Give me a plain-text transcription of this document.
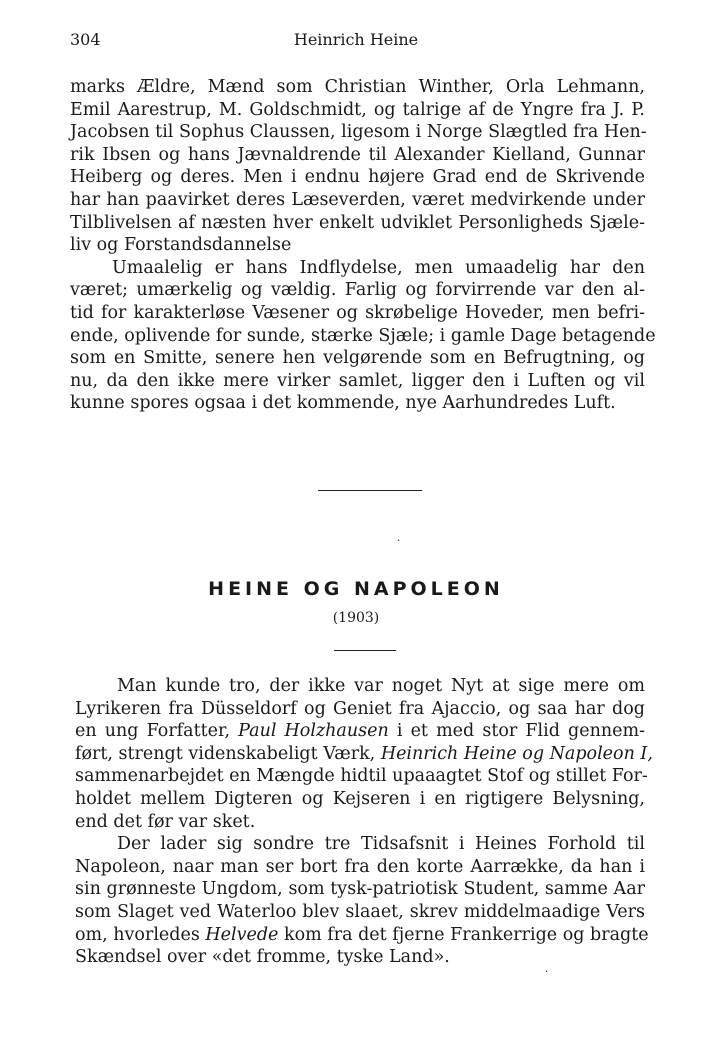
304	Heinrich Heine
marks Ældre, Mænd som Christian Winther, Orla Lehmann,
Emil Aarestrup, M. Goldschmidt, og talrige af de Yngre fra J. P.
Jacobsen til Sophus Claussen, ligesom i Norge Slægtled fra Hen-
rik Ibsen og hans Jævnaldrende til Alexander Kielland, Gunnar
Heiberg og deres. Men i endnu højere Grad end de Skrivende
har han paavirket deres Læseverden, været medvirkende under
Tilblivelsen af næsten hver enkelt udviklet Personligheds Sjæle-
liv og Forstandsdannelse
Umaalelig er hans Indflydelse, men umaadelig har den
været; umærkelig og vældig. Farlig og forvirrende var den al-
tid for karakterløse Væsener og skrøbelige Hoveder, men befri-
ende, oplivende for sunde, stærke Sjæle; i gamle Dage betagende
som en Smitte, senere hen velgørende som en Befrugtning, og
nu, da den ikke mere virker samlet, ligger den i Luften og vil
kunne spores ogsaa i det kommende, nye Aarhundredes Luft.
·
HEINE OG NAPOLEON
(1903)
Man kunde tro, der ikke var noget Nyt at sige mere om
Lyrikeren fra Düsseldorf og Geniet fra Ajaccio, og saa har dog
en ung Forfatter, Paul Holzhausen i et med stor Flid gennem-
ført, strengt videnskabeligt Værk, Heinrich Heine og Napoleon I,
sammenarbejdet en Mængde hidtil upaaagtet Stof og stillet For-
holdet mellem Digteren og Kejseren i en rigtigere Belysning,
end det før var sket.
Der lader sig sondre tre Tidsafsnit i Heines Forhold til
Napoleon, naar man ser bort fra den korte Aarrække, da han i
sin grønneste Ungdom, som tysk-patriotisk Student, samme Aar
som Slaget ved Waterloo blev slaaet, skrev middelmaadige Vers
om, hvorledes Helvede kom fra det fjerne Frankerrige og bragte
Skændsel over «det fromme, tyske Land».
·
